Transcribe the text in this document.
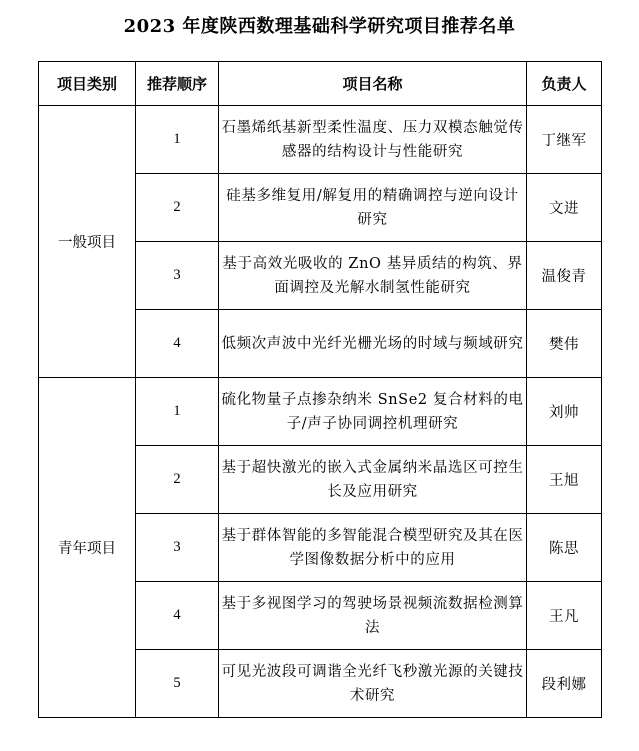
2023 年度陕西数理基础科学研究项目推荐名单
项目类别	推荐顺序	项目名称	负责人
一般项目	1	石墨烯纸基新型柔性温度、压力双模态触觉传感器的结构设计与性能研究	丁继军
	2	硅基多维复用/解复用的精确调控与逆向设计研究	文进
	3	基于高效光吸收的 ZnO 基异质结的构筑、界面调控及光解水制氢性能研究	温俊青
	4	低频次声波中光纤光栅光场的时域与频域研究	樊伟
青年项目	1	硫化物量子点掺杂纳米 SnSe2 复合材料的电子/声子协同调控机理研究	刘帅
	2	基于超快激光的嵌入式金属纳米晶选区可控生长及应用研究	王旭
	3	基于群体智能的多智能混合模型研究及其在医学图像数据分析中的应用	陈思
	4	基于多视图学习的驾驶场景视频流数据检测算法	王凡
	5	可见光波段可调谐全光纤飞秒激光源的关键技术研究	段利娜
